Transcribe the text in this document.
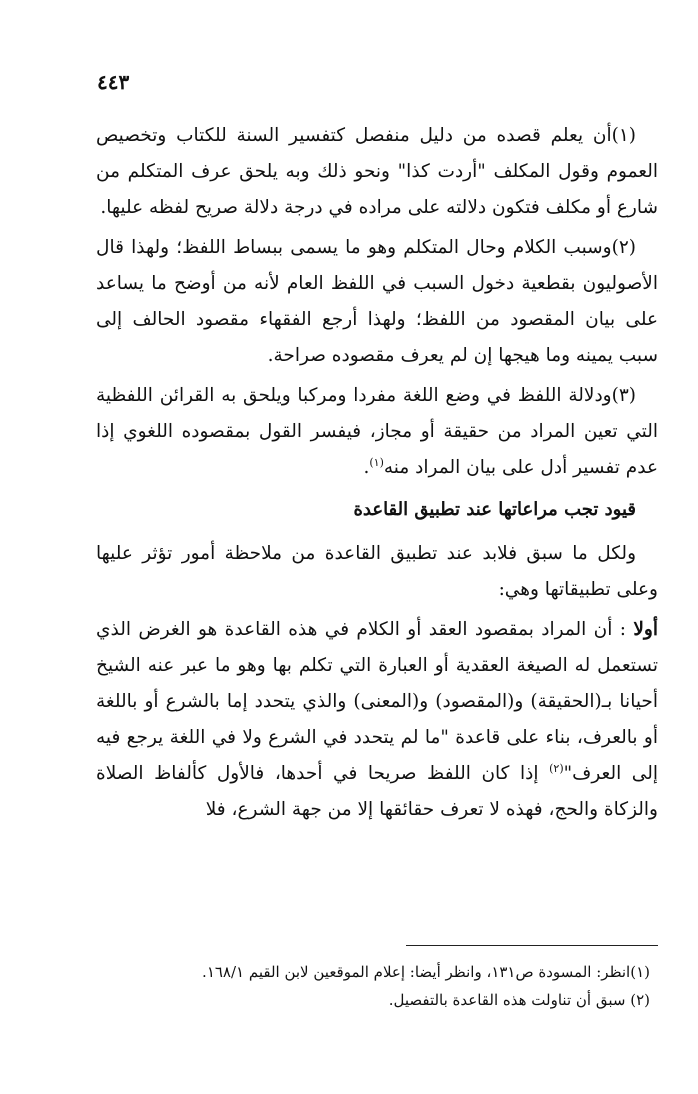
٤٤٣

(١)أن يعلم قصده من دليل منفصل كتفسير السنة للكتاب وتخصيص العموم وقول المكلف "أردت كذا" ونحو ذلك وبه يلحق عرف المتكلم من شارع أو مكلف فتكون دلالته على مراده في درجة دلالة صريح لفظه عليها.

(٢)وسبب الكلام وحال المتكلم وهو ما يسمى ببساط اللفظ؛ ولهذا قال الأصوليون بقطعية دخول السبب في اللفظ العام لأنه من أوضح ما يساعد على بيان المقصود من اللفظ؛ ولهذا أرجع الفقهاء مقصود الحالف إلى سبب يمينه وما هيجها إن لم يعرف مقصوده صراحة.

(٣)ودلالة اللفظ في وضع اللغة مفردا ومركبا ويلحق به القرائن اللفظية التي تعين المراد من حقيقة أو مجاز، فيفسر القول بمقصوده اللغوي إذا عدم تفسير أدل على بيان المراد منه$^{(١)}$.

قيود تجب مراعاتها عند تطبيق القاعدة

ولكل ما سبق فلابد عند تطبيق القاعدة من ملاحظة أمور تؤثر عليها وعلى تطبيقاتها وهي:

أولا : أن المراد بمقصود العقد أو الكلام في هذه القاعدة هو الغرض الذي تستعمل له الصيغة العقدية أو العبارة التي تكلم بها وهو ما عبر عنه الشيخ أحيانا بـ(الحقيقة) و(المقصود) و(المعنى) والذي يتحدد إما بالشرع أو باللغة أو بالعرف، بناء على قاعدة "ما لم يتحدد في الشرع ولا في اللغة يرجع فيه إلى العرف"$^{(٢)}$ إذا كان اللفظ صريحا في أحدها، فالأول كألفاظ الصلاة والزكاة والحج، فهذه لا تعرف حقائقها إلا من جهة الشرع، فلا

(١)انظر: المسودة ص١٣١، وانظر أيضا: إعلام الموقعين لابن القيم ١٦٨/١.

(٢) سبق أن تناولت هذه القاعدة بالتفصيل.
